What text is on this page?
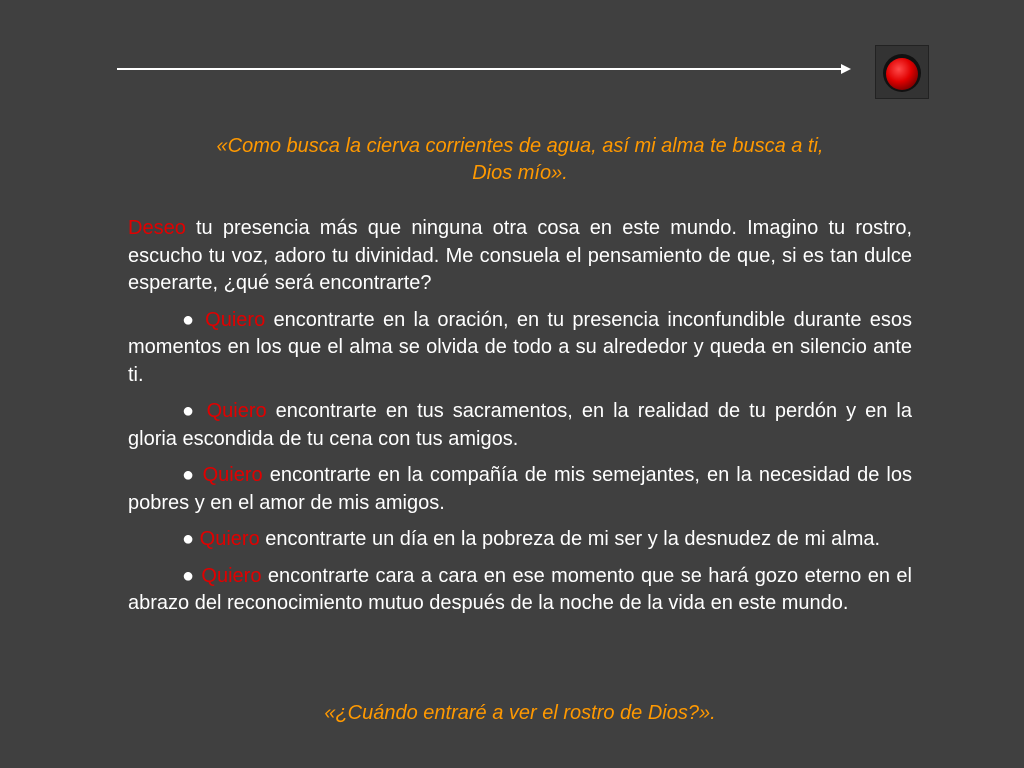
«Como busca la cierva corrientes de agua, así mi alma te busca a ti,
Dios mío».

Deseo tu presencia más que ninguna otra cosa en este mundo. Imagino tu rostro, escucho tu voz, adoro tu divinidad. Me consuela el pensamiento de que, si es tan dulce esperarte, ¿qué será encontrarte?

● Quiero encontrarte en la oración, en tu presencia inconfundible durante esos momentos en los que el alma se olvida de todo a su alrededor y queda en silencio ante ti.

● Quiero encontrarte en tus sacramentos, en la realidad de tu perdón y en la gloria escondida de tu cena con tus amigos.

● Quiero encontrarte en la compañía de mis semejantes, en la necesidad de los pobres y en el amor de mis amigos.

● Quiero encontrarte un día en la pobreza de mi ser y la desnudez de mi alma.

● Quiero encontrarte cara a cara en ese momento que se hará gozo eterno en el abrazo del reconocimiento mutuo después de la noche de la vida en este mundo.

«¿Cuándo entraré a ver el rostro de Dios?».
